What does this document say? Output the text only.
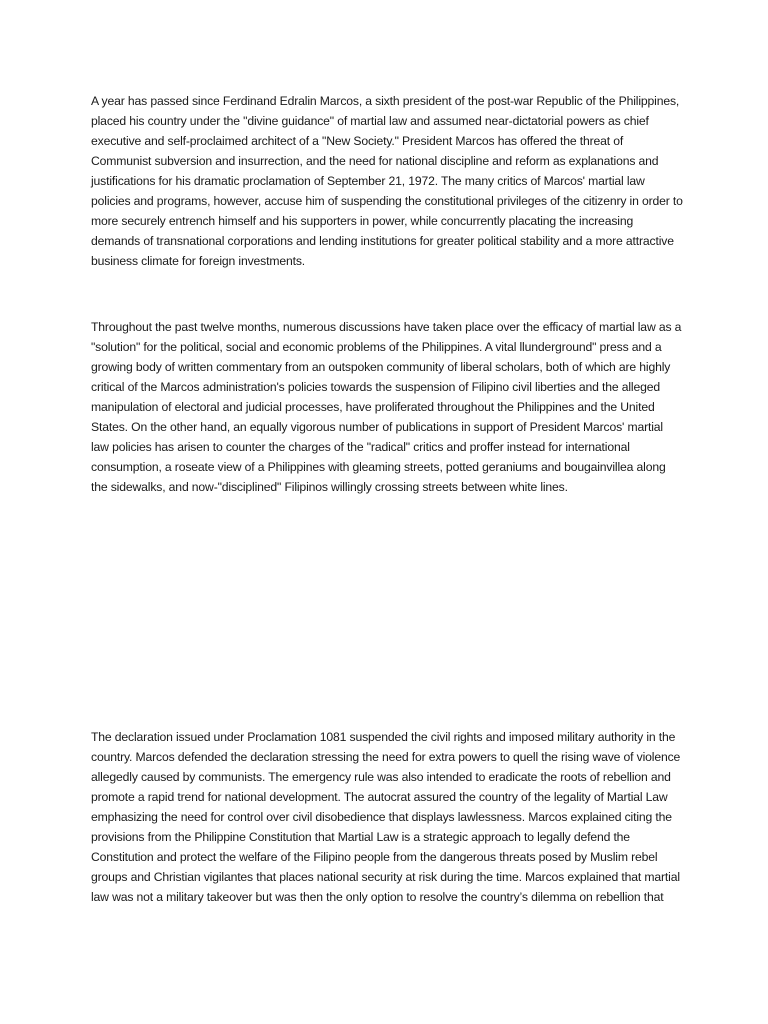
A year has passed since Ferdinand Edralin Marcos, a sixth president of the post-war Republic of the Philippines, placed his country under the "divine guidance" of martial law and assumed near-dictatorial powers as chief executive and self-proclaimed architect of a "New Society." President Marcos has offered the threat of Communist subversion and insurrection, and the need for national discipline and reform as explanations and justifications for his dramatic proclamation of September 21, 1972. The many critics of Marcos' martial law policies and programs, however, accuse him of suspending the constitutional privileges of the citizenry in order to more securely entrench himself and his supporters in power, while concurrently placating the increasing demands of transnational corporations and lending institutions for greater political stability and a more attractive business climate for foreign investments.

Throughout the past twelve months, numerous discussions have taken place over the efficacy of martial law as a "solution" for the political, social and economic problems of the Philippines. A vital llunderground" press and a growing body of written commentary from an outspoken community of liberal scholars, both of which are highly critical of the Marcos administration's policies towards the suspension of Filipino civil liberties and the alleged manipulation of electoral and judicial processes, have proliferated throughout the Philippines and the United States. On the other hand, an equally vigorous number of publications in support of President Marcos' martial law policies has arisen to counter the charges of the "radical" critics and proffer instead for international consumption, a roseate view of a Philippines with gleaming streets, potted geraniums and bougainvillea along the sidewalks, and now-"disciplined" Filipinos willingly crossing streets between white lines.

The declaration issued under Proclamation 1081 suspended the civil rights and imposed military authority in the country. Marcos defended the declaration stressing the need for extra powers to quell the rising wave of violence allegedly caused by communists. The emergency rule was also intended to eradicate the roots of rebellion and promote a rapid trend for national development. The autocrat assured the country of the legality of Martial Law emphasizing the need for control over civil disobedience that displays lawlessness. Marcos explained citing the provisions from the Philippine Constitution that Martial Law is a strategic approach to legally defend the Constitution and protect the welfare of the Filipino people from the dangerous threats posed by Muslim rebel groups and Christian vigilantes that places national security at risk during the time. Marcos explained that martial law was not a military takeover but was then the only option to resolve the country’s dilemma on rebellion that
